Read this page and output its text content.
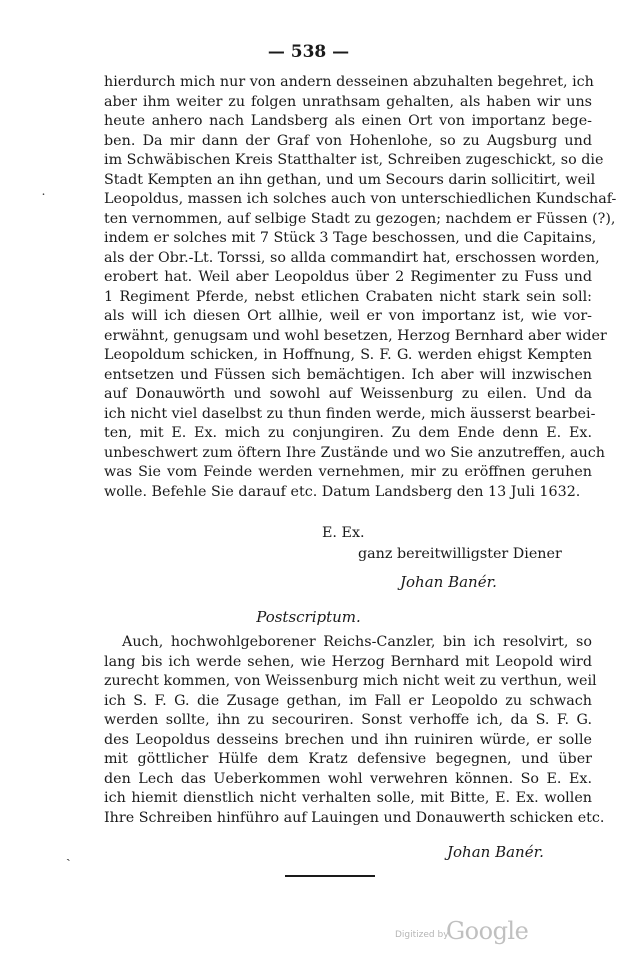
— 538 —
hierdurch mich nur von andern desseinen abzuhalten begehret, ich
aber ihm weiter zu folgen unrathsam gehalten, als haben wir uns
heute anhero nach Landsberg als einen Ort von importanz bege-
ben. Da mir dann der Graf von Hohenlohe, so zu Augsburg und
im Schwäbischen Kreis Statthalter ist, Schreiben zugeschickt, so die
Stadt Kempten an ihn gethan, und um Secours darin sollicitirt, weil
Leopoldus, massen ich solches auch von unterschiedlichen Kundschaf-
ten vernommen, auf selbige Stadt zu gezogen; nachdem er Füssen (?),
indem er solches mit 7 Stück 3 Tage beschossen, und die Capitains,
als der Obr.-Lt. Torssi, so allda commandirt hat, erschossen worden,
erobert hat. Weil aber Leopoldus über 2 Regimenter zu Fuss und
1 Regiment Pferde, nebst etlichen Crabaten nicht stark sein soll:
als will ich diesen Ort allhie, weil er von importanz ist, wie vor-
erwähnt, genugsam und wohl besetzen, Herzog Bernhard aber wider
Leopoldum schicken, in Hoffnung, S. F. G. werden ehigst Kempten
entsetzen und Füssen sich bemächtigen. Ich aber will inzwischen
auf Donauwörth und sowohl auf Weissenburg zu eilen. Und da
ich nicht viel daselbst zu thun finden werde, mich äusserst bearbei-
ten, mit E. Ex. mich zu conjungiren. Zu dem Ende denn E. Ex.
unbeschwert zum öftern Ihre Zustände und wo Sie anzutreffen, auch
was Sie vom Feinde werden vernehmen, mir zu eröffnen geruhen
wolle. Befehle Sie darauf etc. Datum Landsberg den 13 Juli 1632.
E. Ex.
ganz bereitwilligster Diener
Johan Banér.
Postscriptum.
Auch, hochwohlgeborener Reichs-Canzler, bin ich resolvirt, so
lang bis ich werde sehen, wie Herzog Bernhard mit Leopold wird
zurecht kommen, von Weissenburg mich nicht weit zu verthun, weil
ich S. F. G. die Zusage gethan, im Fall er Leopoldo zu schwach
werden sollte, ihn zu secouriren. Sonst verhoffe ich, da S. F. G.
des Leopoldus desseins brechen und ihn ruiniren würde, er solle
mit göttlicher Hülfe dem Kratz defensive begegnen, und über
den Lech das Ueberkommen wohl verwehren können. So E. Ex.
ich hiemit dienstlich nicht verhalten solle, mit Bitte, E. Ex. wollen
Ihre Schreiben hinführo auf Lauingen und Donauwerth schicken etc.
Johan Banér.
˙
ˎ
Digitized by
Google
